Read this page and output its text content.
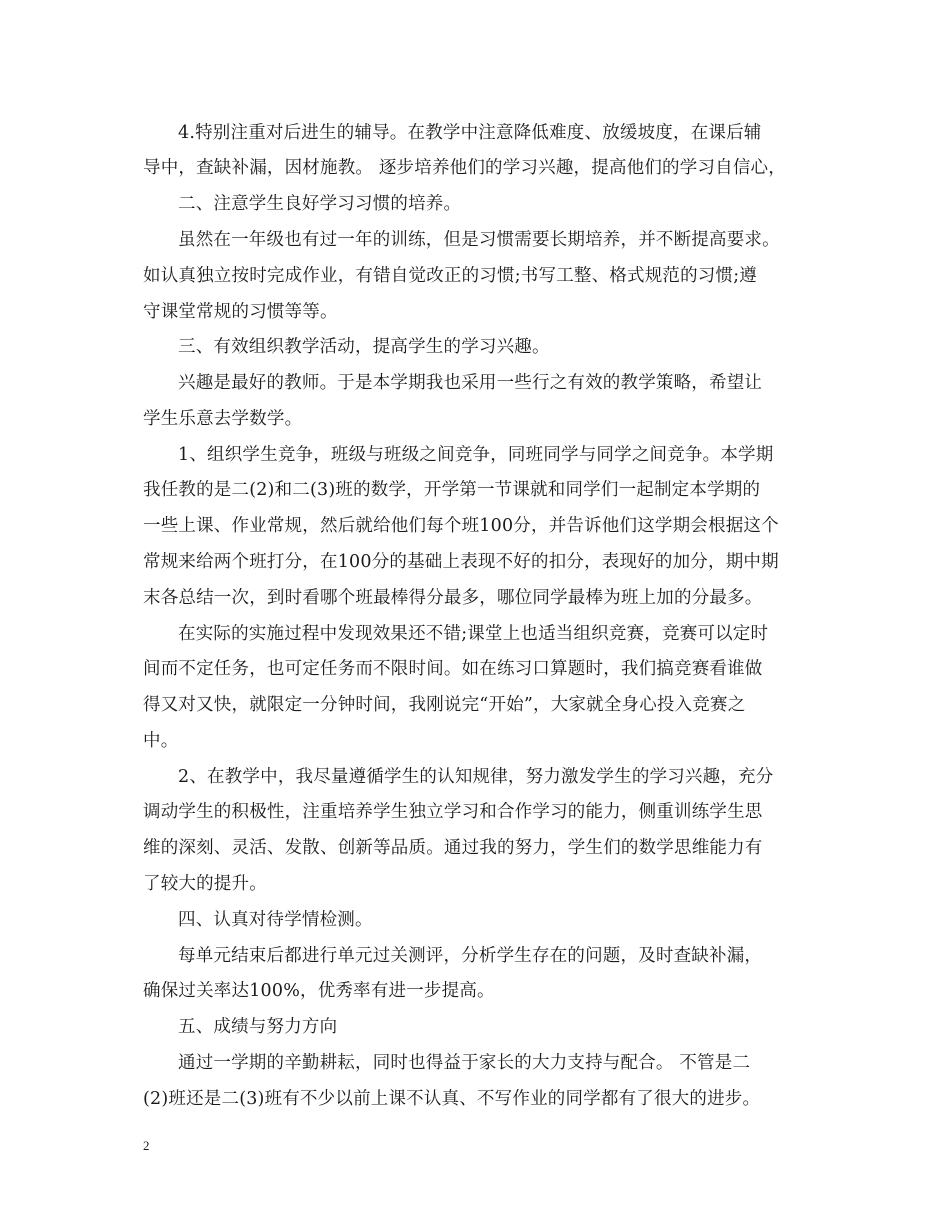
4.特别注重对后进生的辅导。在教学中注意降低难度、放缓坡度，在课后辅
导中，查缺补漏，因材施教。 逐步培养他们的学习兴趣，提高他们的学习自信心，
二、注意学生良好学习习惯的培养。
虽然在一年级也有过一年的训练，但是习惯需要长期培养，并不断提高要求。
如认真独立按时完成作业，有错自觉改正的习惯;书写工整、格式规范的习惯;遵
守课堂常规的习惯等等。
三、有效组织教学活动，提高学生的学习兴趣。
兴趣是最好的教师。于是本学期我也采用一些行之有效的教学策略，希望让
学生乐意去学数学。
1、组织学生竞争，班级与班级之间竞争，同班同学与同学之间竞争。本学期
我任教的是二(2)和二(3)班的数学，开学第一节课就和同学们一起制定本学期的
一些上课、作业常规，然后就给他们每个班100分，并告诉他们这学期会根据这个
常规来给两个班打分，在100分的基础上表现不好的扣分，表现好的加分，期中期
末各总结一次，到时看哪个班最棒得分最多，哪位同学最棒为班上加的分最多。
在实际的实施过程中发现效果还不错;课堂上也适当组织竞赛，竞赛可以定时
间而不定任务，也可定任务而不限时间。如在练习口算题时，我们搞竞赛看谁做
得又对又快，就限定一分钟时间，我刚说完“开始”，大家就全身心投入竞赛之
中。
2、在教学中，我尽量遵循学生的认知规律，努力激发学生的学习兴趣，充分
调动学生的积极性，注重培养学生独立学习和合作学习的能力，侧重训练学生思
维的深刻、灵活、发散、创新等品质。通过我的努力，学生们的数学思维能力有
了较大的提升。
四、认真对待学情检测。
每单元结束后都进行单元过关测评，分析学生存在的问题，及时查缺补漏，
确保过关率达100%，优秀率有进一步提高。
五、成绩与努力方向
通过一学期的辛勤耕耘，同时也得益于家长的大力支持与配合。 不管是二
(2)班还是二(3)班有不少以前上课不认真、不写作业的同学都有了很大的进步。
2
